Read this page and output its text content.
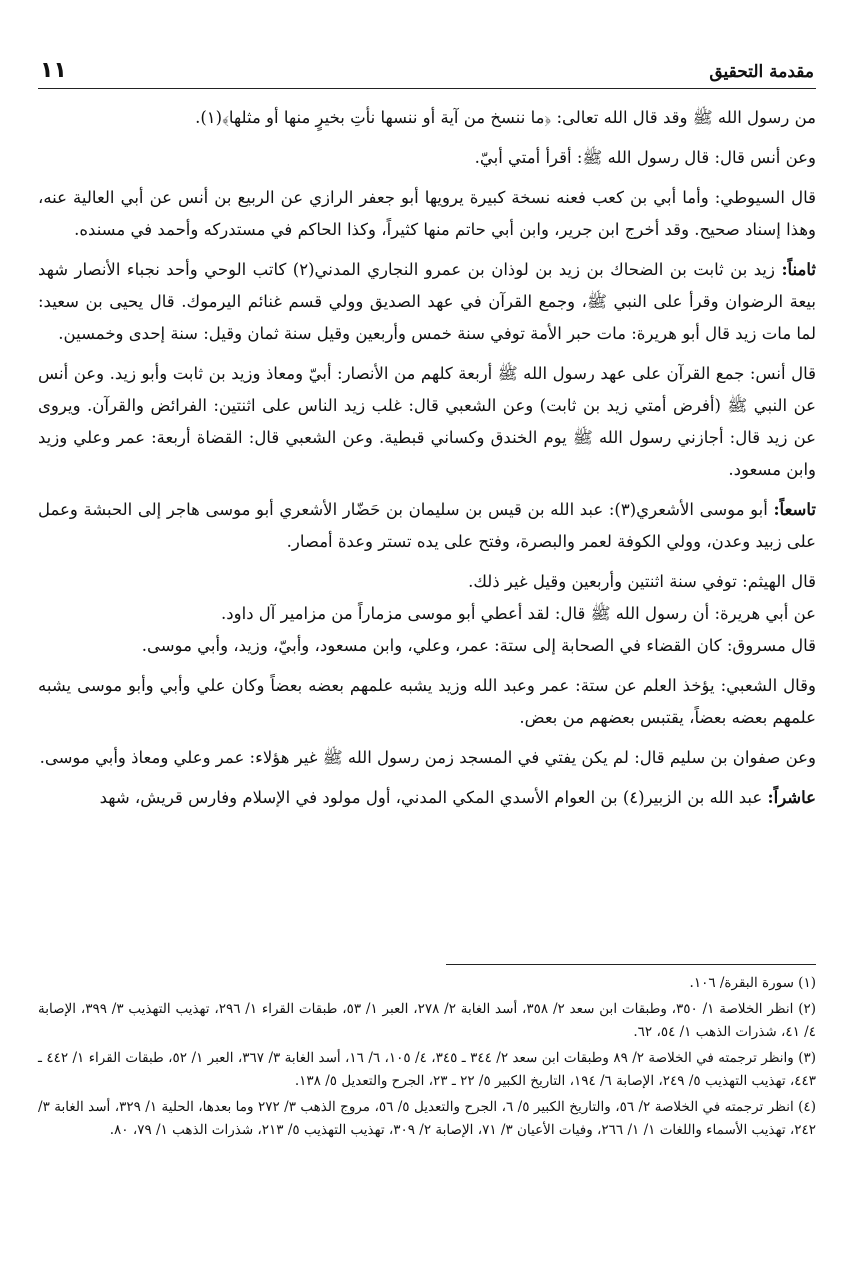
١١	مقدمة التحقيق

من رسول الله ﷺ وقد قال الله تعالى: ﴿ما ننسخ من آية أو ننسها نأتِ بخيرٍ منها أو مثلها﴾(١).

وعن أنس قال: قال رسول الله ﷺ: أقرأ أمتي أبيّ.

قال السيوطي: وأما أبي بن كعب فعنه نسخة كبيرة يرويها أبو جعفر الرازي عن الربيع بن أنس عن أبي العالية عنه، وهذا إسناد صحيح. وقد أخرج ابن جرير، وابن أبي حاتم منها كثيراً، وكذا الحاكم في مستدركه وأحمد في مسنده.

ثامناً: زيد بن ثابت بن الضحاك بن زيد بن لوذان بن عمرو النجاري المدني(٢) كاتب الوحي وأحد نجباء الأنصار شهد بيعة الرضوان وقرأ على النبي ﷺ، وجمع القرآن في عهد الصديق وولي قسم غنائم اليرموك. قال يحيى بن سعيد: لما مات زيد قال أبو هريرة: مات حبر الأمة توفي سنة خمس وأربعين وقيل سنة ثمان وقيل: سنة إحدى وخمسين.

قال أنس: جمع القرآن على عهد رسول الله ﷺ أربعة كلهم من الأنصار: أبيّ ومعاذ وزيد بن ثابت وأبو زيد. وعن أنس عن النبي ﷺ (أفرض أمتي زيد بن ثابت) وعن الشعبي قال: غلب زيد الناس على اثنتين: الفرائض والقرآن. ويروى عن زيد قال: أجازني رسول الله ﷺ يوم الخندق وكساني قبطية. وعن الشعبي قال: القضاة أربعة: عمر وعلي وزيد وابن مسعود.

تاسعاً: أبو موسى الأشعري(٣): عبد الله بن قيس بن سليمان بن حَضّار الأشعري أبو موسى هاجر إلى الحبشة وعمل على زبيد وعدن، وولي الكوفة لعمر والبصرة، وفتح على يده تستر وعدة أمصار.

قال الهيثم: توفي سنة اثنتين وأربعين وقيل غير ذلك.

عن أبي هريرة: أن رسول الله ﷺ قال: لقد أعطي أبو موسى مزماراً من مزامير آل داود.

قال مسروق: كان القضاء في الصحابة إلى ستة: عمر، وعلي، وابن مسعود، وأبيّ، وزيد، وأبي موسى.

وقال الشعبي: يؤخذ العلم عن ستة: عمر وعبد الله وزيد يشبه علمهم بعضه بعضاً وكان علي وأبي وأبو موسى يشبه علمهم بعضه بعضاً، يقتبس بعضهم من بعض.

وعن صفوان بن سليم قال: لم يكن يفتي في المسجد زمن رسول الله ﷺ غير هؤلاء: عمر وعلي ومعاذ وأبي موسى.

عاشراً: عبد الله بن الزبير(٤) بن العوام الأسدي المكي المدني، أول مولود في الإسلام وفارس قريش، شهد

(١) سورة البقرة/ ١٠٦.
(٢) انظر الخلاصة ١/ ٣٥٠، وطبقات ابن سعد ٢/ ٣٥٨، أسد الغابة ٢/ ٢٧٨، العبر ١/ ٥٣، طبقات القراء ١/ ٢٩٦، تهذيب التهذيب ٣/ ٣٩٩، الإصابة ٤/ ٤١، شذرات الذهب ١/ ٥٤، ٦٢.
(٣) وانظر ترجمته في الخلاصة ٢/ ٨٩ وطبقات ابن سعد ٢/ ٣٤٤ ـ ٣٤٥، ٤/ ١٠٥، ٦/ ١٦، أسد الغابة ٣/ ٣٦٧، العبر ١/ ٥٢، طبقات القراء ١/ ٤٤٢ ـ ٤٤٣، تهذيب التهذيب ٥/ ٢٤٩، الإصابة ٦/ ١٩٤، التاريخ الكبير ٥/ ٢٢ ـ ٢٣، الجرح والتعديل ٥/ ١٣٨.
(٤) انظر ترجمته في الخلاصة ٢/ ٥٦، والتاريخ الكبير ٥/ ٦، الجرح والتعديل ٥/ ٥٦، مروج الذهب ٣/ ٢٧٢ وما بعدها، الحلية ١/ ٣٢٩، أسد الغابة ٣/ ٢٤٢، تهذيب الأسماء واللغات ١/ ١/ ٢٦٦، وفيات الأعيان ٣/ ٧١، الإصابة ٢/ ٣٠٩، تهذيب التهذيب ٥/ ٢١٣، شذرات الذهب ١/ ٧٩، ٨٠.
